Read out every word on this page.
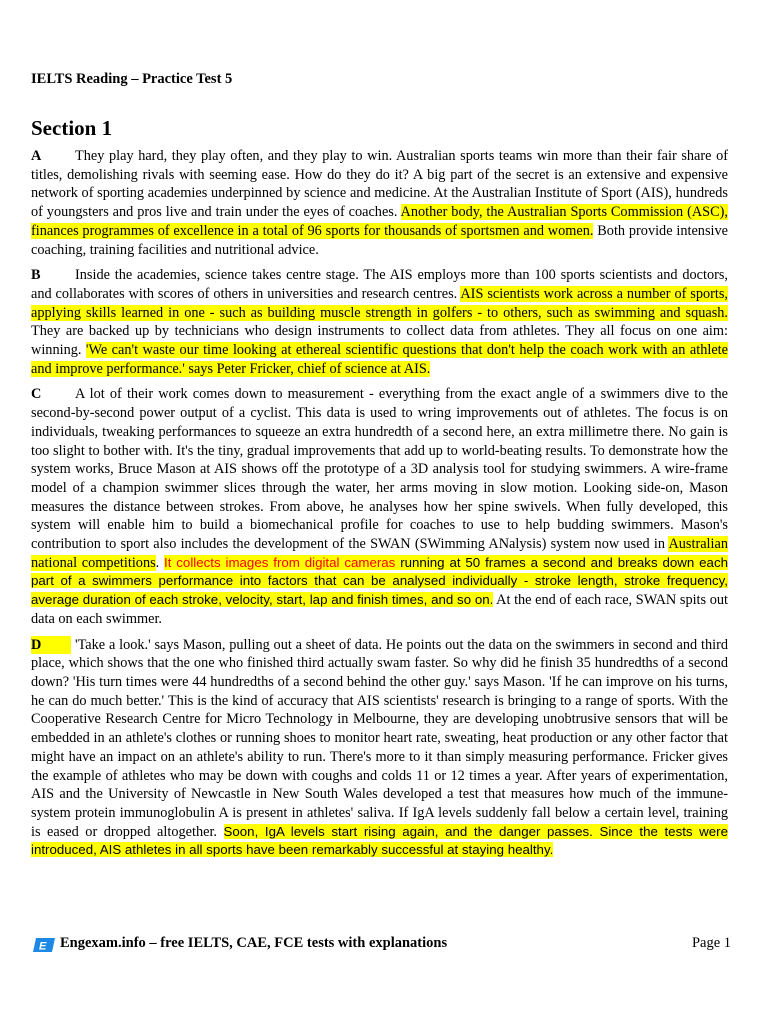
IELTS Reading – Practice Test 5
Section 1

A They play hard, they play often, and they play to win. Australian sports teams win more than their fair share of titles, demolishing rivals with seeming ease. How do they do it? A big part of the secret is an extensive and expensive network of sporting academies underpinned by science and medicine. At the Australian Institute of Sport (AIS), hundreds of youngsters and pros live and train under the eyes of coaches. Another body, the Australian Sports Commission (ASC), finances programmes of excellence in a total of 96 sports for thousands of sportsmen and women. Both provide intensive coaching, training facilities and nutritional advice.

B Inside the academies, science takes centre stage. The AIS employs more than 100 sports scientists and doctors, and collaborates with scores of others in universities and research centres. AIS scientists work across a number of sports, applying skills learned in one - such as building muscle strength in golfers - to others, such as swimming and squash. They are backed up by technicians who design instruments to collect data from athletes. They all focus on one aim: winning. 'We can't waste our time looking at ethereal scientific questions that don't help the coach work with an athlete and improve performance.' says Peter Fricker, chief of science at AIS.

C A lot of their work comes down to measurement - everything from the exact angle of a swimmers dive to the second-by-second power output of a cyclist. This data is used to wring improvements out of athletes. The focus is on individuals, tweaking performances to squeeze an extra hundredth of a second here, an extra millimetre there. No gain is too slight to bother with. It's the tiny, gradual improvements that add up to world-beating results. To demonstrate how the system works, Bruce Mason at AIS shows off the prototype of a 3D analysis tool for studying swimmers. A wire-frame model of a champion swimmer slices through the water, her arms moving in slow motion. Looking side-on, Mason measures the distance between strokes. From above, he analyses how her spine swivels. When fully developed, this system will enable him to build a biomechanical profile for coaches to use to help budding swimmers. Mason's contribution to sport also includes the development of the SWAN (SWimming ANalysis) system now used in Australian national competitions. It collects images from digital cameras running at 50 frames a second and breaks down each part of a swimmers performance into factors that can be analysed individually - stroke length, stroke frequency, average duration of each stroke, velocity, start, lap and finish times, and so on. At the end of each race, SWAN spits out data on each swimmer.

D 'Take a look.' says Mason, pulling out a sheet of data. He points out the data on the swimmers in second and third place, which shows that the one who finished third actually swam faster. So why did he finish 35 hundredths of a second down? 'His turn times were 44 hundredths of a second behind the other guy.' says Mason. 'If he can improve on his turns, he can do much better.' This is the kind of accuracy that AIS scientists' research is bringing to a range of sports. With the Cooperative Research Centre for Micro Technology in Melbourne, they are developing unobtrusive sensors that will be embedded in an athlete's clothes or running shoes to monitor heart rate, sweating, heat production or any other factor that might have an impact on an athlete's ability to run. There's more to it than simply measuring performance. Fricker gives the example of athletes who may be down with coughs and colds 11 or 12 times a year. After years of experimentation, AIS and the University of Newcastle in New South Wales developed a test that measures how much of the immune-system protein immunoglobulin A is present in athletes' saliva. If IgA levels suddenly fall below a certain level, training is eased or dropped altogether. Soon, IgA levels start rising again, and the danger passes. Since the tests were introduced, AIS athletes in all sports have been remarkably successful at staying healthy.

E Engexam.info – free IELTS, CAE, FCE tests with explanations	Page 1
